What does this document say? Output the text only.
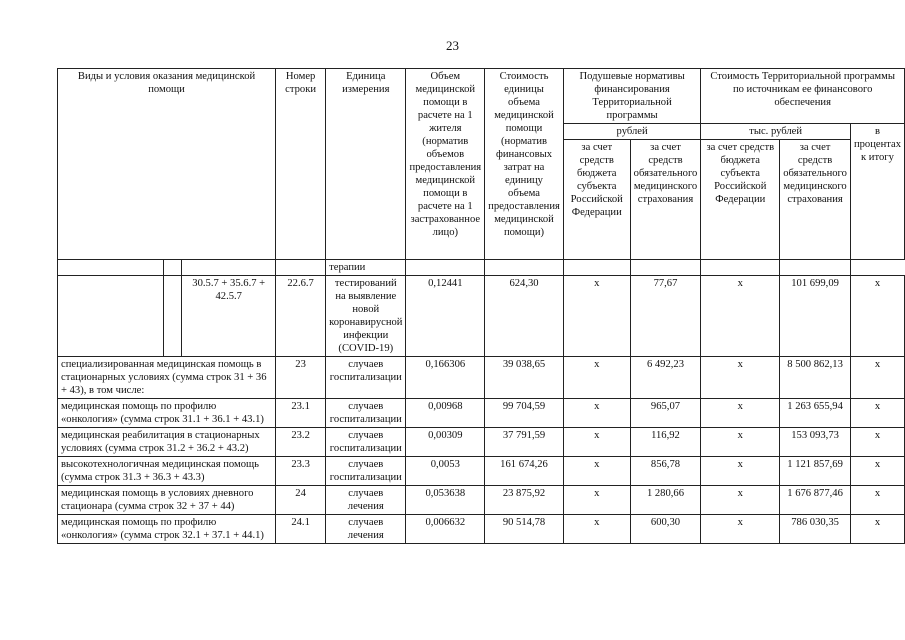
23
Виды и условия оказания медицинской помощи			Номер строки	Единица измерения	Объем медицинской помощи в расчете на 1 жителя (норматив объемов предоставления медицинской помощи в расчете на 1 застрахованное лицо)	Стоимость единицы объема медицинской помощи (норматив финансовых затрат на единицу объема предоставления медицинской помощи)	Подушевые нормативы финансирования Территориальной программы		Стоимость Территориальной программы по источникам ее финансового обеспечения		
							рублей		тыс. рублей		в процентах к итогу
							за счет средств бюджета субъекта Российской Федерации	за счет средств обязательного медицинского страхования	за счет средств бюджета субъекта Российской Федерации	за счет средств обязательного медицинского страхования	
				терапии							
		30.5.7 + 35.6.7 + 42.5.7	22.6.7	тестирований на выявление новой коронавирусной инфекции (COVID-19)	0,12441	624,30	х	77,67	х	101 699,09	х
специализированная медицинская помощь в стационарных условиях (сумма строк 31 + 36 + 43), в том числе:			23	случаев госпитализации	0,166306	39 038,65	х	6 492,23	х	8 500 862,13	х
медицинская помощь по профилю «онкология» (сумма строк 31.1 + 36.1 + 43.1)			23.1	случаев госпитализации	0,00968	99 704,59	х	965,07	х	1 263 655,94	х
медицинская реабилитация в стационарных условиях (сумма строк 31.2 + 36.2 + 43.2)			23.2	случаев госпитализации	0,00309	37 791,59	х	116,92	х	153 093,73	х
высокотехнологичная медицинская помощь (сумма строк 31.3 + 36.3 + 43.3)			23.3	случаев госпитализации	0,0053	161 674,26	х	856,78	х	1 121 857,69	х
медицинская помощь в условиях дневного стационара (сумма строк 32 + 37 + 44)			24	случаев лечения	0,053638	23 875,92	х	1 280,66	х	1 676 877,46	х
медицинская помощь по профилю «онкология» (сумма строк 32.1 + 37.1 + 44.1)			24.1	случаев лечения	0,006632	90 514,78	х	600,30	х	786 030,35	х
